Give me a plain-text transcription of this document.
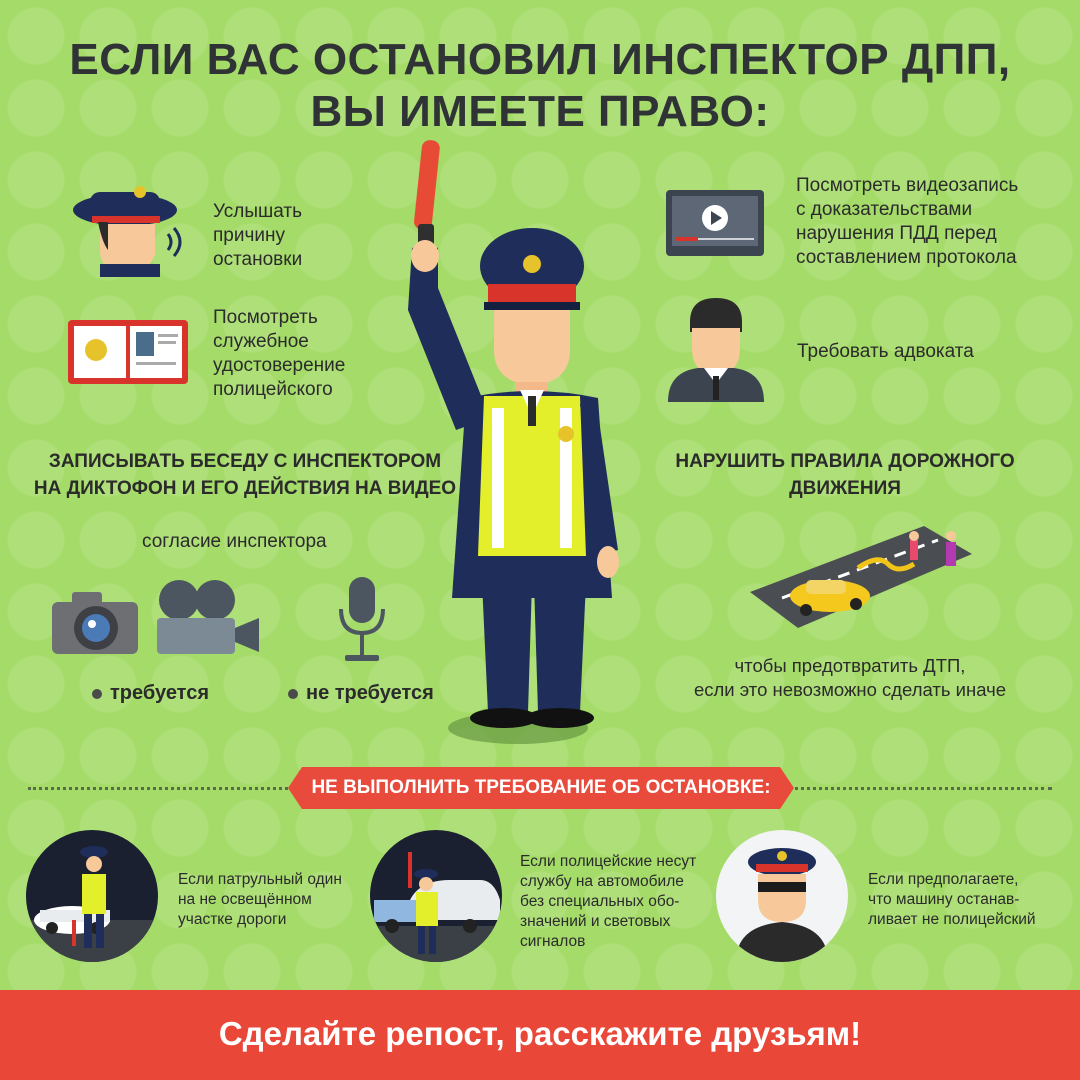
ЕСЛИ ВАС ОСТАНОВИЛ ИНСПЕКТОР ДПП,
ВЫ ИМЕЕТЕ ПРАВО:
Услышать причину остановки
Посмотреть служебное удостоверение полицейского
ЗАПИСЫВАТЬ БЕСЕДУ С ИНСПЕКТОРОМ
НА ДИКТОФОН И ЕГО ДЕЙСТВИЯ НА ВИДЕО
согласие инспектора
требуется	не требуется
Посмотреть видеозапись
с доказательствами
нарушения ПДД перед
составлением протокола
Требовать адвоката
НАРУШИТЬ ПРАВИЛА ДОРОЖНОГО
ДВИЖЕНИЯ
чтобы предотвратить ДТП,
если это невозможно сделать иначе
НЕ ВЫПОЛНИТЬ ТРЕБОВАНИЕ ОБ ОСТАНОВКЕ:
Если патрульный один
на не освещённом
участке дороги
Если полицейские несут
службу на автомобиле
без специальных обо-
значений и световых
сигналов
Если предполагаете,
что машину останав-
ливает не полицейский
Сделайте репост, расскажите друзьям!
